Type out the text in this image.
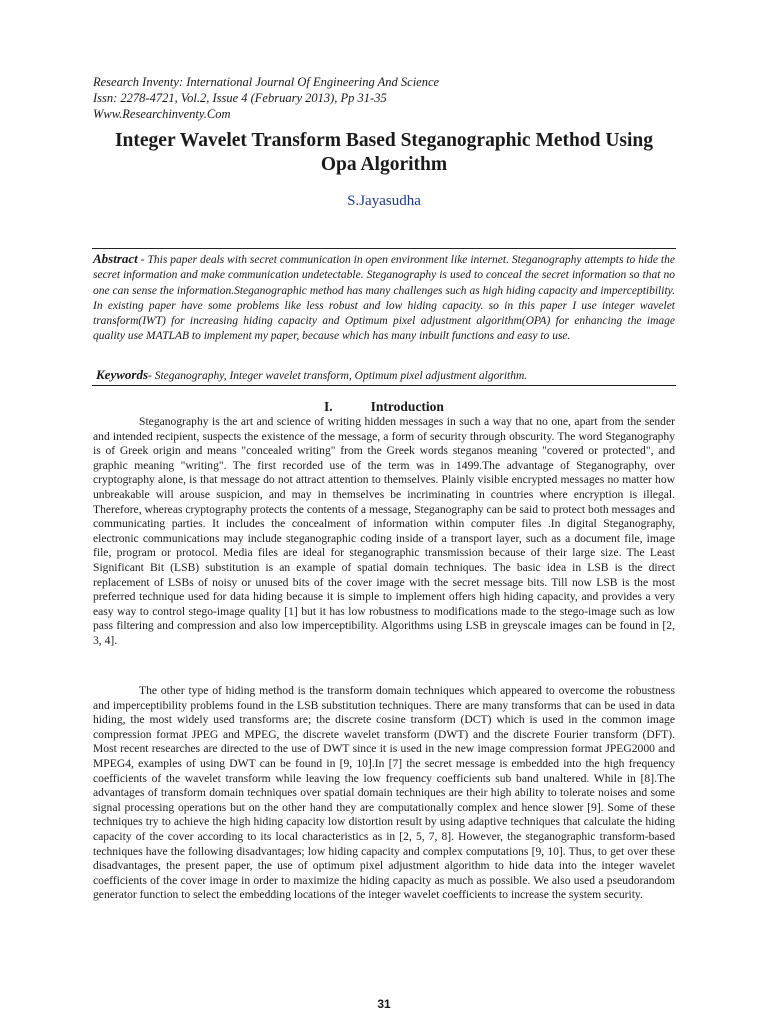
Research Inventy: International Journal Of Engineering And Science
Issn: 2278-4721, Vol.2, Issue 4 (February 2013), Pp 31-35
Www.Researchinventy.Com
Integer Wavelet Transform Based Steganographic Method Using
Opa Algorithm
S.Jayasudha
Abstract - This paper deals with secret communication in open environment like internet. Steganography attempts to hide the secret information and make communication undetectable. Steganography is used to conceal the secret information so that no one can sense the information.Steganographic method has many challenges such as high hiding capacity and imperceptibility. In existing paper have some problems like less robust and low hiding capacity. so in this paper I use integer wavelet transform(IWT) for increasing hiding capacity and Optimum pixel adjustment algorithm(OPA) for enhancing the image quality use MATLAB to implement my paper, because which has many inbuilt functions and easy to use.
Keywords- Steganography, Integer wavelet transform, Optimum pixel adjustment algorithm.
I.	Introduction

Steganography is the art and science of writing hidden messages in such a way that no one, apart from the sender and intended recipient, suspects the existence of the message, a form of security through obscurity. The word Steganography is of Greek origin and means "concealed writing" from the Greek words steganos meaning "covered or protected", and graphic meaning "writing". The first recorded use of the term was in 1499.The advantage of Steganography, over cryptography alone, is that message do not attract attention to themselves. Plainly visible encrypted messages no matter how unbreakable will arouse suspicion, and may in themselves be incriminating in countries where encryption is illegal. Therefore, whereas cryptography protects the contents of a message, Steganography can be said to protect both messages and communicating parties. It includes the concealment of information within computer files .In digital Steganography, electronic communications may include steganographic coding inside of a transport layer, such as a document file, image file, program or protocol. Media files are ideal for steganographic transmission because of their large size. The Least Significant Bit (LSB) substitution is an example of spatial domain techniques. The basic idea in LSB is the direct replacement of LSBs of noisy or unused bits of the cover image with the secret message bits. Till now LSB is the most preferred technique used for data hiding because it is simple to implement offers high hiding capacity, and provides a very easy way to control stego-image quality [1] but it has low robustness to modifications made to the stego-image such as low pass filtering and compression and also low imperceptibility. Algorithms using LSB in greyscale images can be found in [2, 3, 4].

The other type of hiding method is the transform domain techniques which appeared to overcome the robustness and imperceptibility problems found in the LSB substitution techniques. There are many transforms that can be used in data hiding, the most widely used transforms are; the discrete cosine transform (DCT) which is used in the common image compression format JPEG and MPEG, the discrete wavelet transform (DWT) and the discrete Fourier transform (DFT). Most recent researches are directed to the use of DWT since it is used in the new image compression format JPEG2000 and MPEG4, examples of using DWT can be found in [9, 10].In [7] the secret message is embedded into the high frequency coefficients of the wavelet transform while leaving the low frequency coefficients sub band unaltered. While in [8].The advantages of transform domain techniques over spatial domain techniques are their high ability to tolerate noises and some signal processing operations but on the other hand they are computationally complex and hence slower [9]. Some of these techniques try to achieve the high hiding capacity low distortion result by using adaptive techniques that calculate the hiding capacity of the cover according to its local characteristics as in [2, 5, 7, 8]. However, the steganographic transform-based techniques have the following disadvantages; low hiding capacity and complex computations [9, 10]. Thus, to get over these disadvantages, the present paper, the use of optimum pixel adjustment algorithm to hide data into the integer wavelet coefficients of the cover image in order to maximize the hiding capacity as much as possible. We also used a pseudorandom generator function to select the embedding locations of the integer wavelet coefficients to increase the system security.

31
